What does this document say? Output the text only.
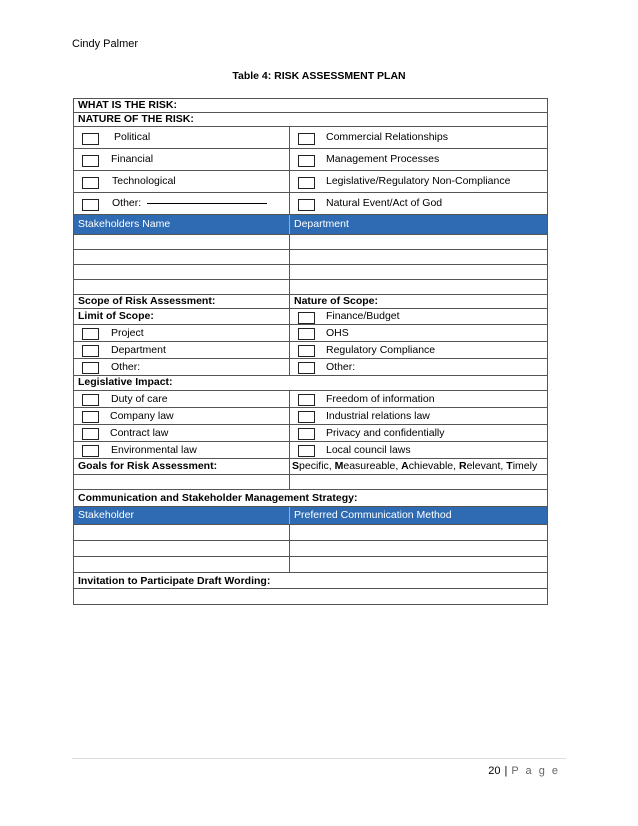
Cindy Palmer
Table 4: RISK ASSESSMENT PLAN
WHAT IS THE RISK:
NATURE OF THE RISK:
Political	Commercial Relationships
Financial	Management Processes
Technological	Legislative/Regulatory Non-Compliance
Other:	Natural Event/Act of God
Stakeholders Name	Department
Scope of Risk Assessment:	Nature of Scope:
Limit of Scope:	Finance/Budget
Project	OHS
Department	Regulatory Compliance
Other:	Other:
Legislative Impact:
Duty of care	Freedom of information
Company law	Industrial relations law
Contract law	Privacy and confidentially
Environmental law	Local council laws
Goals for Risk Assessment:	Specific, Measureable, Achievable, Relevant, Timely
Communication and Stakeholder Management Strategy:
Stakeholder	Preferred Communication Method
Invitation to Participate Draft Wording:
20 | P a g e
